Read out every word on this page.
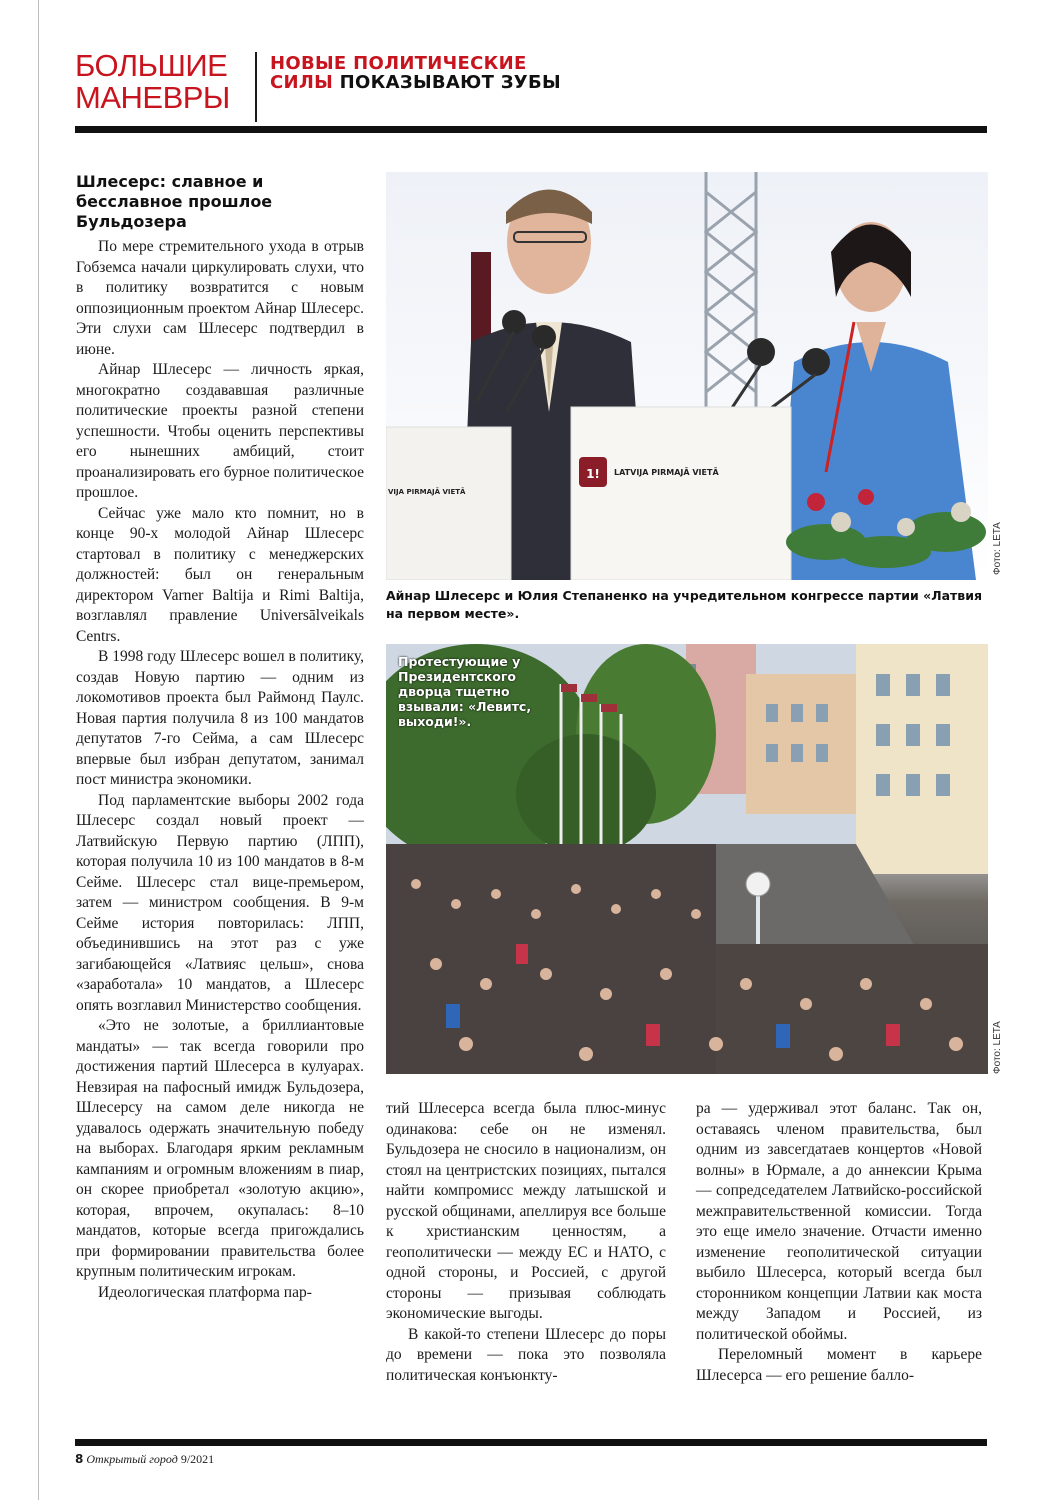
БОЛЬШИЕ
МАНЕВРЫ
НОВЫЕ ПОЛИТИЧЕСКИЕ СИЛЫ ПОКАЗЫВАЮТ ЗУБЫ
Шлесерс: славное и бесславное прошлое Бульдозера

По мере стремительного ухода в отрыв Гобземса начали циркулировать слухи, что в политику возвратится с новым оппозиционным проектом Айнар Шлесерс. Эти слухи сам Шлесерс подтвердил в июне.

Айнар Шлесерс — личность яркая, многократно создававшая различные политические проекты разной степени успешности. Чтобы оценить перспективы его нынешних амбиций, стоит проанализировать его бурное политическое прошлое.

Сейчас уже мало кто помнит, но в конце 90-х молодой Айнар Шлесерс стартовал в политику с менеджерских должностей: был он генеральным директором Varner Baltija и Rimi Baltija, возглавлял правление Universālveikals Centrs.

В 1998 году Шлесерс вошел в политику, создав Новую партию — одним из локомотивов проекта был Раймонд Паулс. Новая партия получила 8 из 100 мандатов депутатов 7-го Сейма, а сам Шлесерс впервые был избран депутатом, занимал пост министра экономики.

Под парламентские выборы 2002 года Шлесерс создал новый проект — Латвийскую Первую партию (ЛПП), которая получила 10 из 100 мандатов в 8-м Сейме. Шлесерс стал вице-премьером, затем — министром сообщения. В 9-м Сейме история повторилась: ЛПП, объединившись на этот раз с уже загибающейся «Латвияс цельш», снова «заработала» 10 мандатов, а Шлесерс опять возглавил Министерство сообщения.

«Это не золотые, а бриллиантовые мандаты» — так всегда говорили про достижения партий Шлесерса в кулуарах. Невзирая на пафосный имидж Бульдозера, Шлесерсу на самом деле никогда не удавалось одержать значительную победу на выборах. Благодаря ярким рекламным кампаниям и огромным вложениям в пиар, он скорее приобретал «золотую акцию», которая, впрочем, окупалась: 8–10 мандатов, которые всегда пригождались при формировании правительства более крупным политическим игрокам.

Идеологическая платформа пар-

1! LATVIJA PIRMAJĀ VIETĀ
VIJA PIRMAJĀ VIETĀ
Фото: LETA
Айнар Шлесерс и Юлия Степаненко на учредительном конгрессе партии «Латвия на первом месте».
Протестующие у Президентского дворца тщетно взывали: «Левитс, выходи!».
Фото: LETA

тий Шлесерса всегда была плюс-минус одинакова: себе он не изменял. Бульдозера не сносило в национализм, он стоял на центристских позициях, пытался найти компромисс между латышской и русской общинами, апеллируя все больше к христианским ценностям, а геополитически — между ЕС и НАТО, с одной стороны, и Россией, с другой стороны — призывая соблюдать экономические выгоды.

В какой-то степени Шлесерс до поры до времени — пока это позволяла политическая конъюнкту-

ра — удерживал этот баланс. Так он, оставаясь членом правительства, был одним из завсегдатаев концертов «Новой волны» в Юрмале, а до аннексии Крыма — сопредседателем Латвийско-российской межправительственной комиссии. Тогда это еще имело значение. Отчасти именно изменение геополитической ситуации выбило Шлесерса, который всегда был сторонником концепции Латвии как моста между Западом и Россией, из политической обоймы.

Переломный момент в карьере Шлесерса — его решение балло-

8 Открытый город 9/2021
